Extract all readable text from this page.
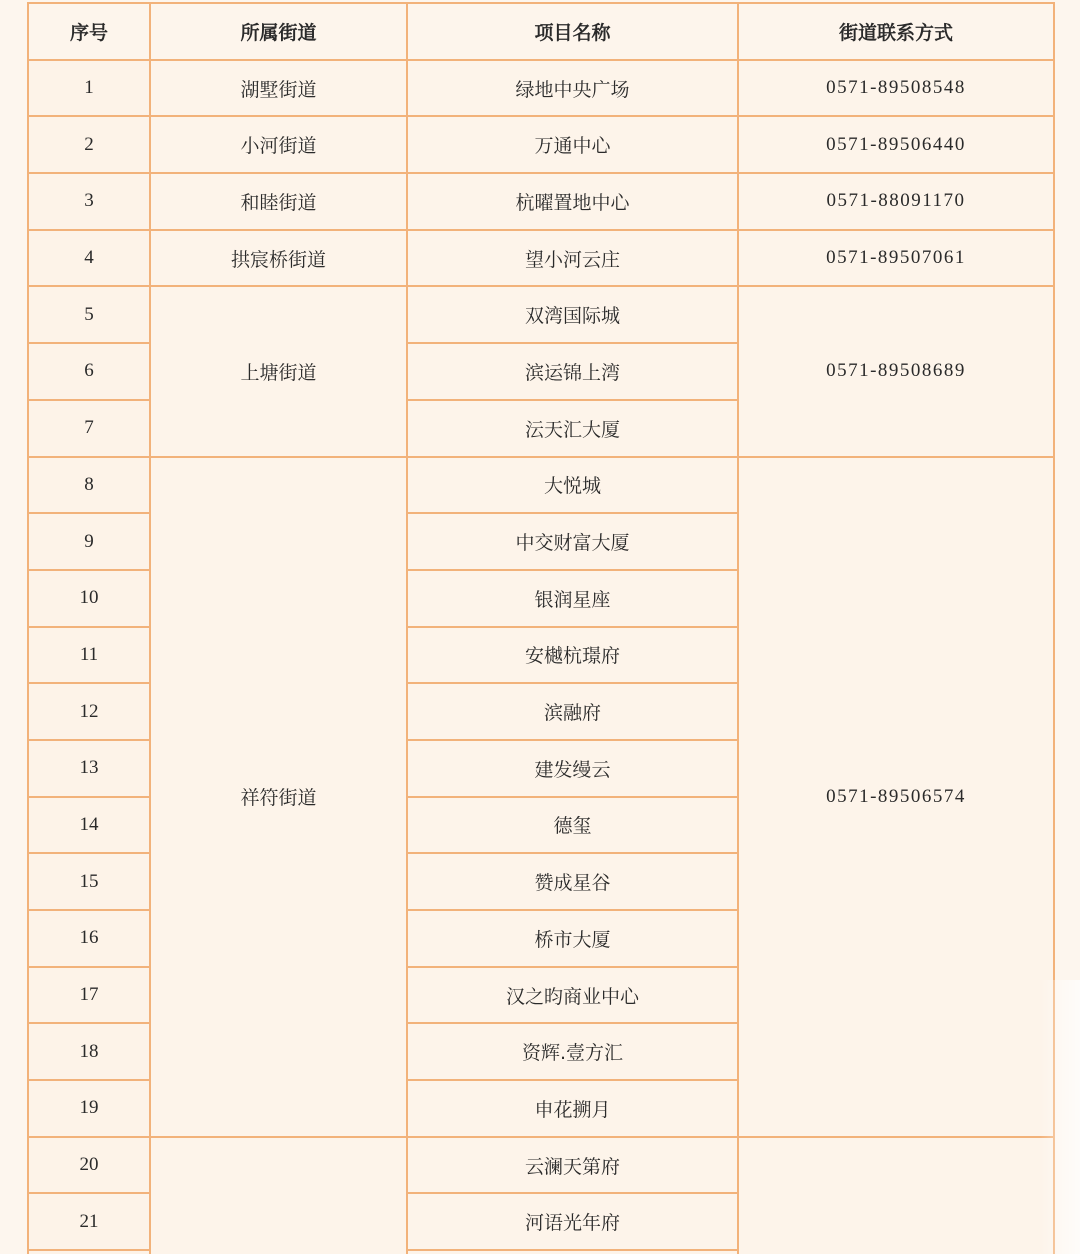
序号	所属街道	项目名称	街道联系方式
1	湖墅街道	绿地中央广场	0571-89508548
2	小河街道	万通中心	0571-89506440
3	和睦街道	杭曜置地中心	0571-88091170
4	拱宸桥街道	望小河云庄	0571-89507061
5	上塘街道	双湾国际城	0571-89508689
6		滨运锦上湾	
7		沄天汇大厦	
8	祥符街道	大悦城	0571-89506574
9		中交财富大厦	
10		银润星座	
11		安樾杭璟府	
12		滨融府	
13		建发缦云	
14		德玺	
15		赞成星谷	
16		桥市大厦	
17		汉之昀商业中心	
18		资辉.壹方汇	
19		申花搠月	
20		云澜天第府	
21		河语光年府	
